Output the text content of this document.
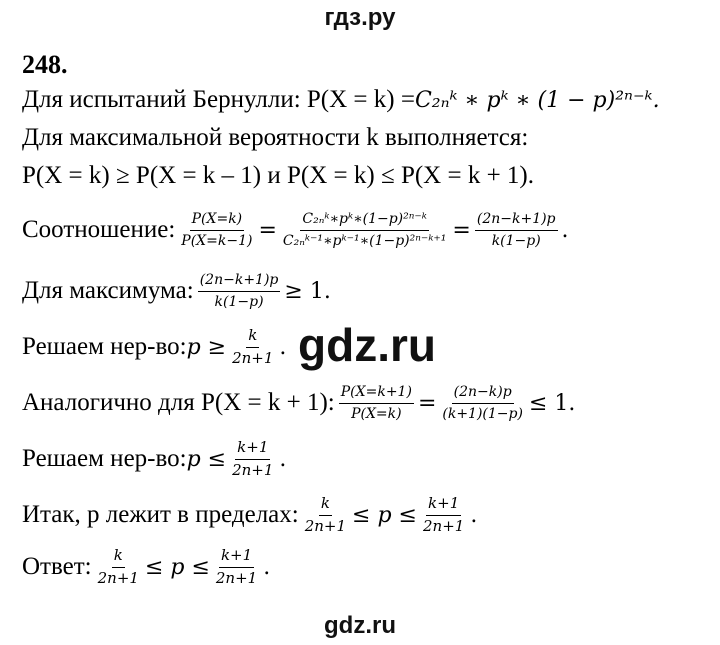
гдз.ру
gdz.ru
gdz.ru
248.
Для испытаний Бернулли: P(X = k) = C₂ₙᵏ ∗ pᵏ ∗ (1 − p)²ⁿ⁻ᵏ.
Для максимальной вероятности k выполняется:
P(X = k) ≥ P(X = k – 1) и P(X = k) ≤ P(X = k + 1).
Соотношение: $\frac{P(X=k)}{P(X=k-1)} = \frac{\text{C₂ₙᵏ∗pᵏ∗(1−p)²ⁿ⁻ᵏ}}{\text{C₂ₙᵏ⁻¹∗pᵏ⁻¹∗(1−p)²ⁿ⁻ᵏ⁺¹}} = \frac{(2n-k+1)p}{k(1-p)}$ .
Для максимума: $\frac{(2n-k+1)p}{k(1-p)} \ge 1$.
Решаем нер-во: $p \ge \frac{k}{2n+1}$ .
Аналогично для P(X = k + 1): $\frac{P(X=k+1)}{P(X=k)} = \frac{(2n-k)p}{(k+1)(1-p)} \le 1$.
Решаем нер-во: $p \le \frac{k+1}{2n+1}$ .
Итак, p лежит в пределах: $\frac{k}{2n+1} \le p \le \frac{k+1}{2n+1}$ .
Ответ: $\frac{k}{2n+1} \le p \le \frac{k+1}{2n+1}$ .
